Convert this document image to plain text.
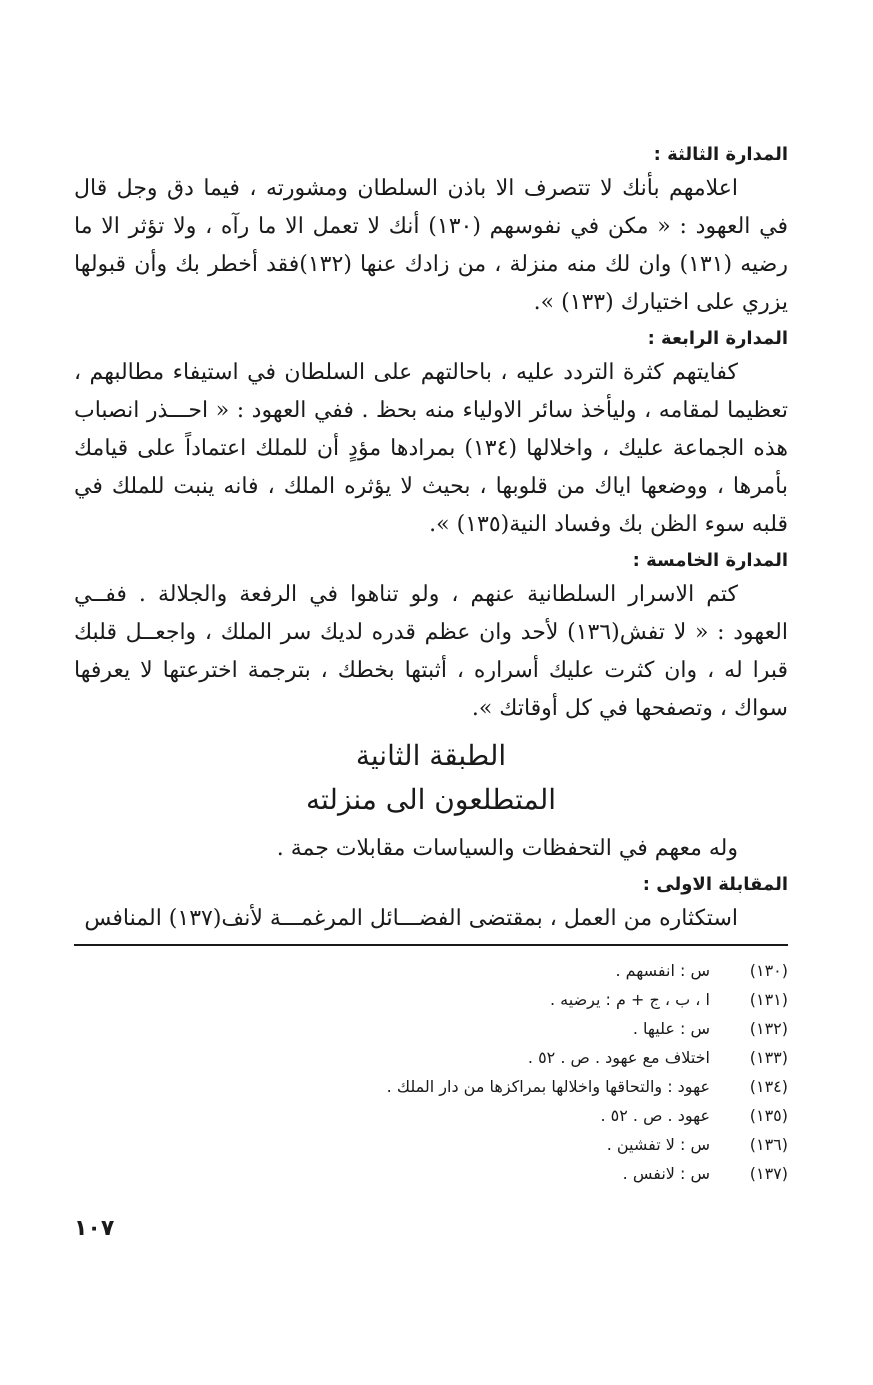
المدارة الثالثة :

اعلامهم بأنك لا تتصرف الا باذن السلطان ومشورته ، فيما دق وجل قال في العهود : « مكن في نفوسهم (١٣٠) أنك لا تعمل الا ما رآه ، ولا تؤثر الا ما رضيه (١٣١) وان لك منه منزلة ، من زادك عنها (١٣٢)فقد أخطر بك وأن قبولها يزري على اختيارك (١٣٣) ».

المدارة الرابعة :

كفايتهم كثرة التردد عليه ، باحالتهم على السلطان في استيفاء مطالبهم ، تعظيما لمقامه ، وليأخذ سائر الاولياء منه بحظ . ففي العهود : « احـــذر انصباب هذه الجماعة عليك ، واخلالها (١٣٤) بمرادها مؤدٍ أن للملك اعتماداً على قيامك بأمرها ، ووضعها اياك من قلوبها ، بحيث لا يؤثره الملك ، فانه ينبت للملك في قلبه سوء الظن بك وفساد النية(١٣٥) ».

المدارة الخامسة :

كتم الاسرار السلطانية عنهم ، ولو تناهوا في الرفعة والجلالة . ففــي العهود : « لا تفش(١٣٦) لأحد وان عظم قدره لديك سر الملك ، واجعــل قلبك قبرا له ، وان كثرت عليك أسراره ، أثبتها بخطك ، بترجمة اخترعتها لا يعرفها سواك ، وتصفحها في كل أوقاتك ».

الطبقة الثانية

المتطلعون الى منزلته

وله معهم في التحفظات والسياسات مقابلات جمة .

المقابلة الاولى :

استكثاره من العمل ، بمقتضى الفضـــائل المرغمـــة لأنف(١٣٧) المنافس

(١٣٠)
س : انفسهم .
(١٣١)
ا ، ب ، ج + م : يرضيه .
(١٣٢)
س : عليها .
(١٣٣)
اختلاف مع عهود . ص . ٥٢ .
(١٣٤)
عهود : والتحاقها واخلالها بمراكزها من دار الملك .
(١٣٥)
عهود . ص . ٥٢ .
(١٣٦)
س : لا تفشين .
(١٣٧)
س : لانفس .
١٠٧
